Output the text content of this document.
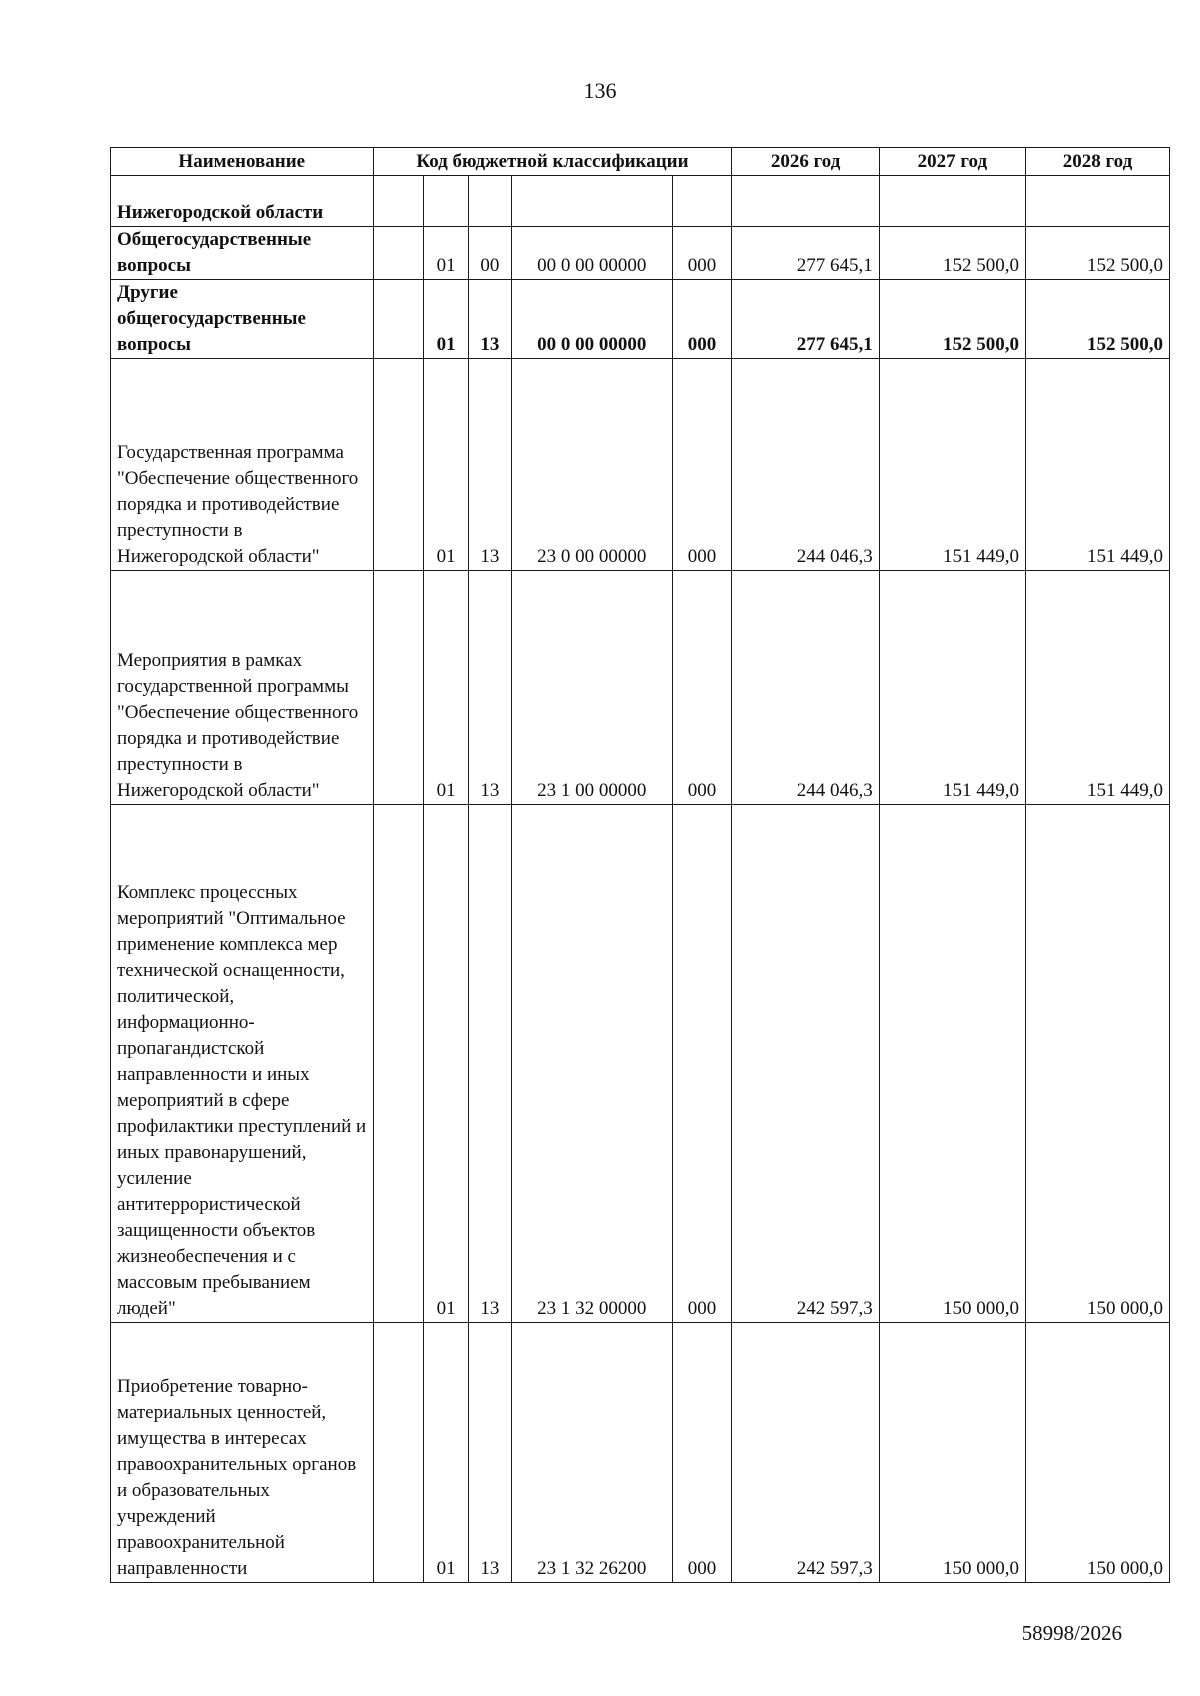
136
Наименование	Код бюджетной классификации					2026 год	2027 год	2028 год
Нижегородской области								
Общегосударственные вопросы		01	00	00 0 00 00000	000	277 645,1	152 500,0	152 500,0
Другие общегосударственные вопросы		01	13	00 0 00 00000	000	277 645,1	152 500,0	152 500,0
Государственная программа "Обеспечение общественного порядка и противодействие преступности в Нижегородской области"		01	13	23 0 00 00000	000	244 046,3	151 449,0	151 449,0
Мероприятия в рамках государственной программы "Обеспечение общественного порядка и противодействие преступности в Нижегородской области"		01	13	23 1 00 00000	000	244 046,3	151 449,0	151 449,0
Комплекс процессных мероприятий "Оптимальное применение комплекса мер технической оснащенности, политической, информационно-пропагандистской направленности и иных мероприятий в сфере профилактики преступлений и иных правонарушений, усиление антитеррористической защищенности объектов жизнеобеспечения и с массовым пребыванием людей"		01	13	23 1 32 00000	000	242 597,3	150 000,0	150 000,0
Приобретение товарно-материальных ценностей, имущества в интересах правоохранительных органов и образовательных учреждений правоохранительной направленности		01	13	23 1 32 26200	000	242 597,3	150 000,0	150 000,0
58998/2026
